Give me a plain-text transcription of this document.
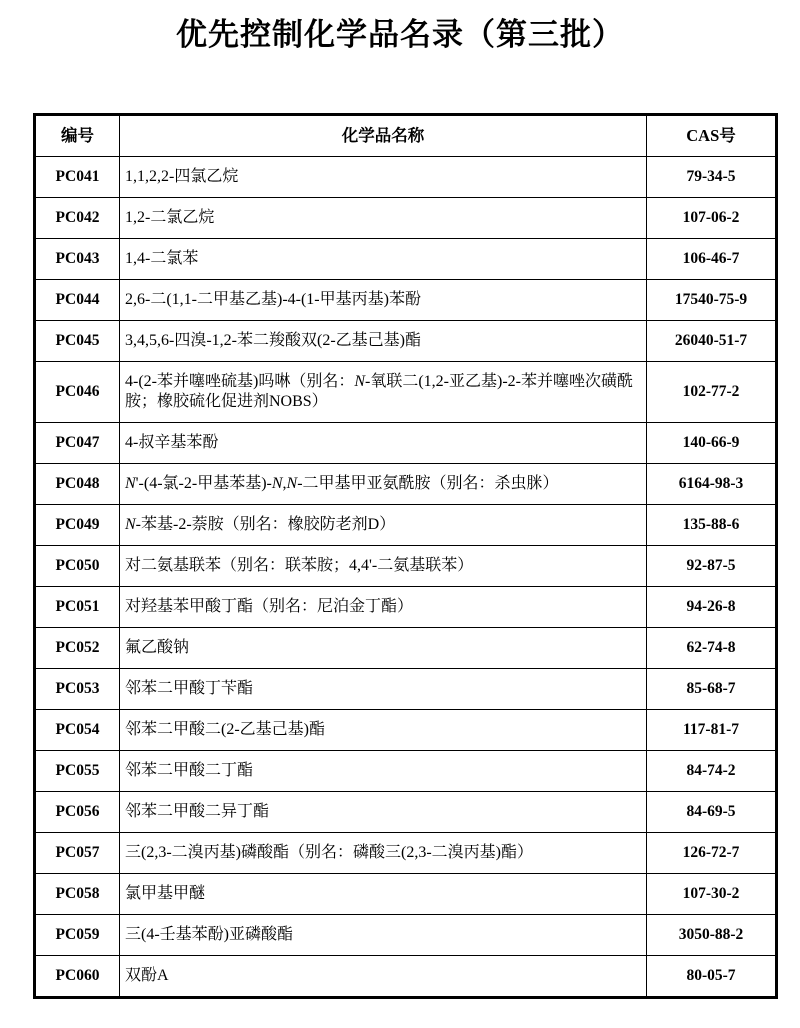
优先控制化学品名录（第三批）
编号	化学品名称	CAS号
PC041	1,1,2,2-四氯乙烷	79-34-5
PC042	1,2-二氯乙烷	107-06-2
PC043	1,4-二氯苯	106-46-7
PC044	2,6-二(1,1-二甲基乙基)-4-(1-甲基丙基)苯酚	17540-75-9
PC045	3,4,5,6-四溴-1,2-苯二羧酸双(2-乙基己基)酯	26040-51-7
PC046	4-(2-苯并噻唑硫基)吗啉（别名：N-氧联二(1,2-亚乙基)-2-苯并噻唑次磺酰胺；橡胶硫化促进剂NOBS）	102-77-2
PC047	4-叔辛基苯酚	140-66-9
PC048	N'-(4-氯-2-甲基苯基)-N,N-二甲基甲亚氨酰胺（别名：杀虫脒）	6164-98-3
PC049	N-苯基-2-萘胺（别名：橡胶防老剂D）	135-88-6
PC050	对二氨基联苯（别名：联苯胺；4,4'-二氨基联苯）	92-87-5
PC051	对羟基苯甲酸丁酯（别名：尼泊金丁酯）	94-26-8
PC052	氟乙酸钠	62-74-8
PC053	邻苯二甲酸丁苄酯	85-68-7
PC054	邻苯二甲酸二(2-乙基己基)酯	117-81-7
PC055	邻苯二甲酸二丁酯	84-74-2
PC056	邻苯二甲酸二异丁酯	84-69-5
PC057	三(2,3-二溴丙基)磷酸酯（别名：磷酸三(2,3-二溴丙基)酯）	126-72-7
PC058	氯甲基甲醚	107-30-2
PC059	三(4-壬基苯酚)亚磷酸酯	3050-88-2
PC060	双酚A	80-05-7
